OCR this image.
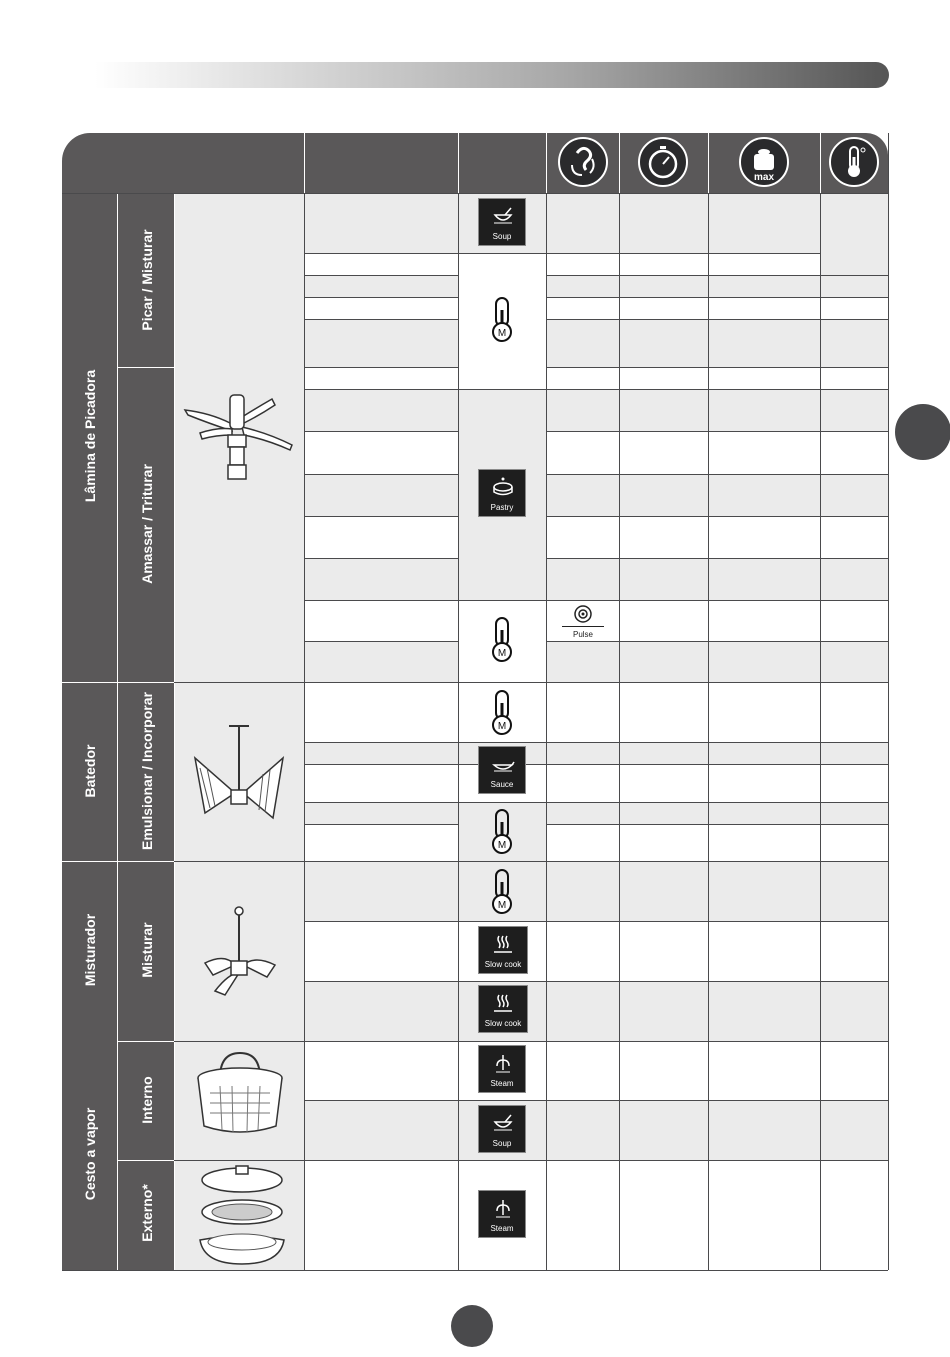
Lâmina de Picadora
Batedor
Misturador
Cesto a vapor
Picar / Misturar
Amassar / Triturar
Emulsionar / Incorporar
Misturar
Interno
Externo*
max
Soup
M
Pastry
M
Pulse
M
Sauce
M
M
Slow cook
Slow cook
Steam
Soup
Steam
